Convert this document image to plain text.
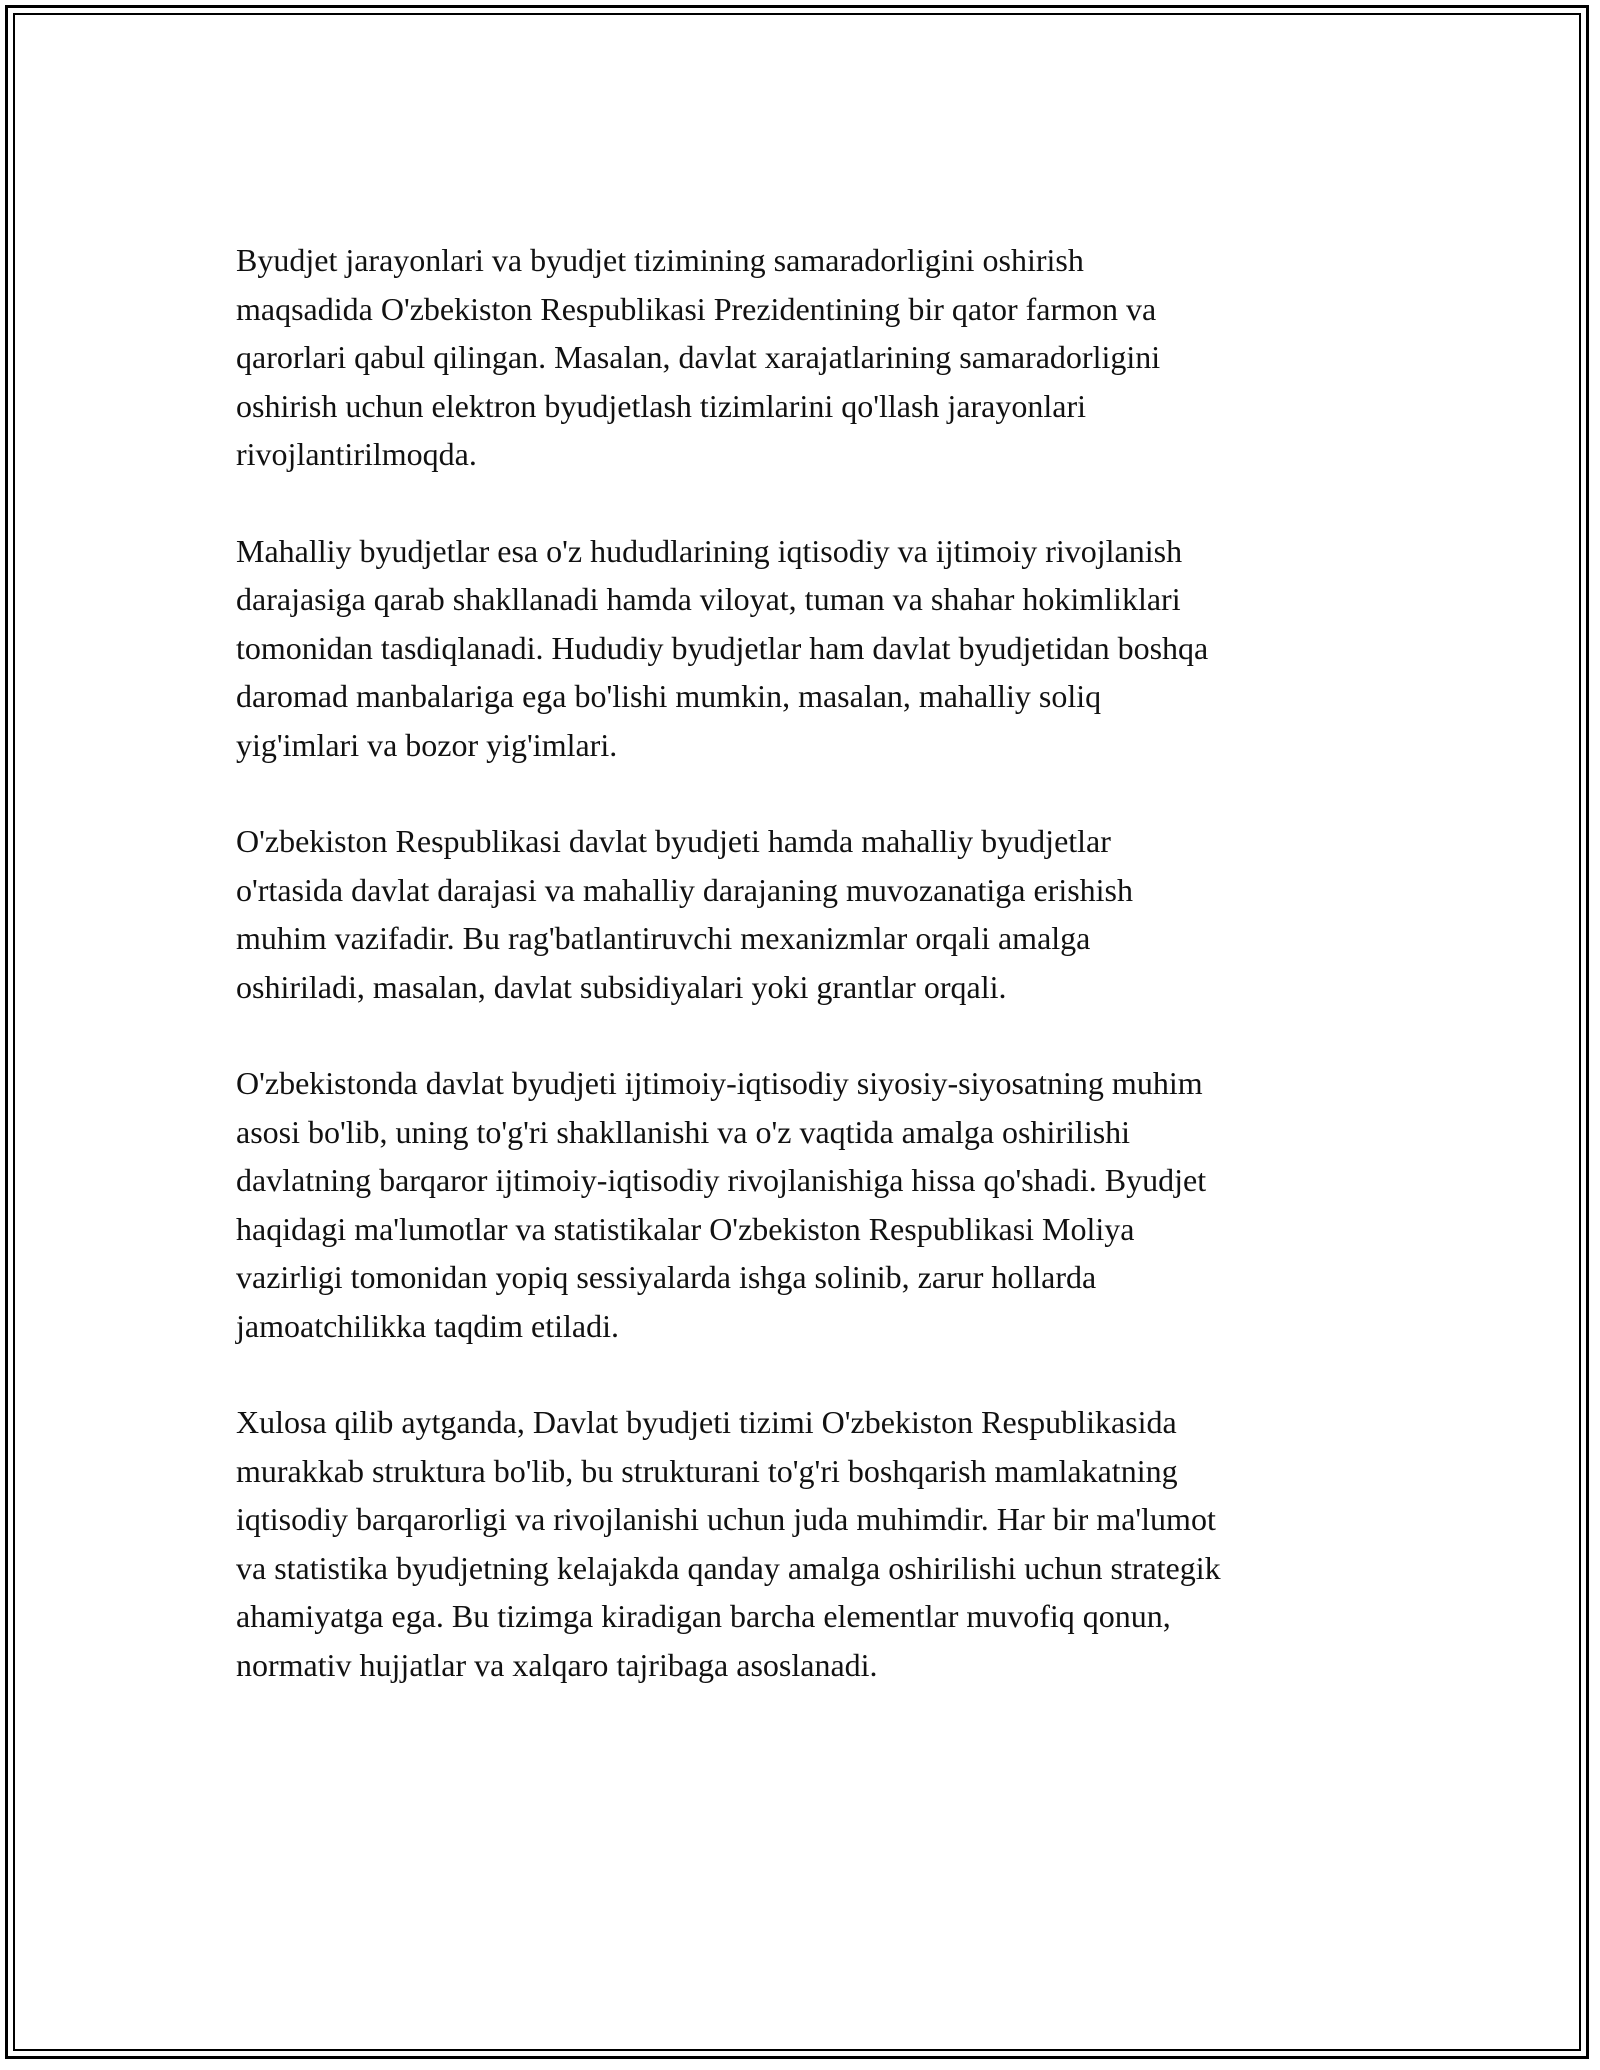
Byudjet jarayonlari va byudjet tizimining samaradorligini oshirish
maqsadida O'zbekiston Respublikasi Prezidentining bir qator farmon va
qarorlari qabul qilingan. Masalan, davlat xarajatlarining samaradorligini
oshirish uchun elektron byudjetlash tizimlarini qo'llash jarayonlari
rivojlantirilmoqda.

Mahalliy byudjetlar esa o'z hududlarining iqtisodiy va ijtimoiy rivojlanish
darajasiga qarab shakllanadi hamda viloyat, tuman va shahar hokimliklari
tomonidan tasdiqlanadi. Hududiy byudjetlar ham davlat byudjetidan boshqa
daromad manbalariga ega bo'lishi mumkin, masalan, mahalliy soliq
yig'imlari va bozor yig'imlari.

O'zbekiston Respublikasi davlat byudjeti hamda mahalliy byudjetlar
o'rtasida davlat darajasi va mahalliy darajaning muvozanatiga erishish
muhim vazifadir. Bu rag'batlantiruvchi mexanizmlar orqali amalga
oshiriladi, masalan, davlat subsidiyalari yoki grantlar orqali.

O'zbekistonda davlat byudjeti ijtimoiy-iqtisodiy siyosiy-siyosatning muhim
asosi bo'lib, uning to'g'ri shakllanishi va o'z vaqtida amalga oshirilishi
davlatning barqaror ijtimoiy-iqtisodiy rivojlanishiga hissa qo'shadi. Byudjet
haqidagi ma'lumotlar va statistikalar O'zbekiston Respublikasi Moliya
vazirligi tomonidan yopiq sessiyalarda ishga solinib, zarur hollarda
jamoatchilikka taqdim etiladi.

Xulosa qilib aytganda, Davlat byudjeti tizimi O'zbekiston Respublikasida
murakkab struktura bo'lib, bu strukturani to'g'ri boshqarish mamlakatning
iqtisodiy barqarorligi va rivojlanishi uchun juda muhimdir. Har bir ma'lumot
va statistika byudjetning kelajakda qanday amalga oshirilishi uchun strategik
ahamiyatga ega. Bu tizimga kiradigan barcha elementlar muvofiq qonun,
normativ hujjatlar va xalqaro tajribaga asoslanadi.
